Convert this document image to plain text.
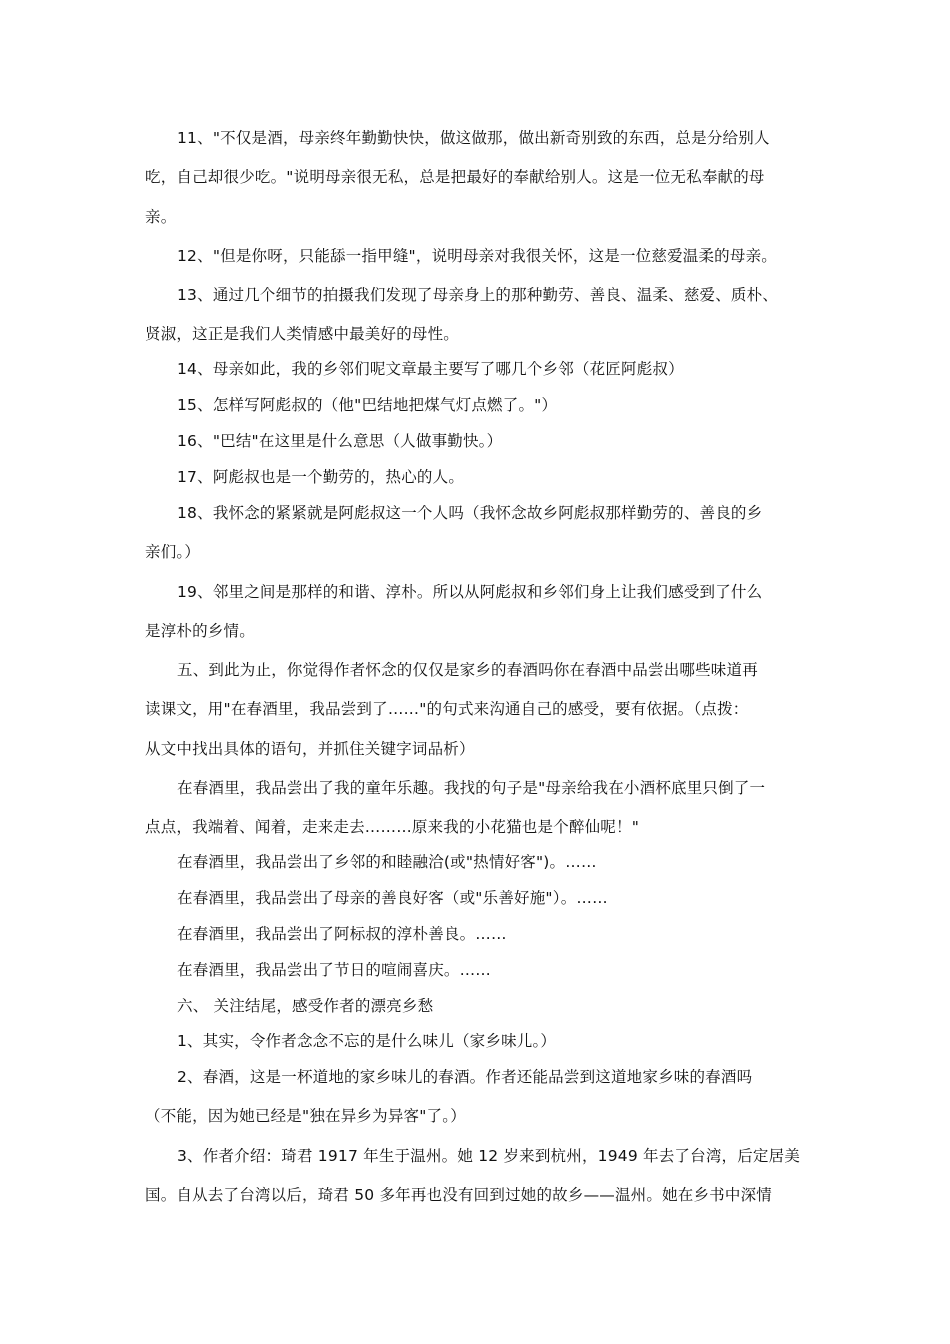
11、"不仅是酒，母亲终年勤勤快快，做这做那，做出新奇别致的东西，总是分给别人
吃，自己却很少吃。"说明母亲很无私，总是把最好的奉献给别人。这是一位无私奉献的母
亲。
12、"但是你呀，只能舔一指甲缝"，说明母亲对我很关怀，这是一位慈爱温柔的母亲。
13、通过几个细节的拍摄我们发现了母亲身上的那种勤劳、善良、温柔、慈爱、质朴、
贤淑，这正是我们人类情感中最美好的母性。
14、母亲如此，我的乡邻们呢文章最主要写了哪几个乡邻（花匠阿彪叔）
15、怎样写阿彪叔的（他"巴结地把煤气灯点燃了。"）
16、"巴结"在这里是什么意思（人做事勤快。）
17、阿彪叔也是一个勤劳的，热心的人。
18、我怀念的紧紧就是阿彪叔这一个人吗（我怀念故乡阿彪叔那样勤劳的、善良的乡
亲们。）
19、邻里之间是那样的和谐、淳朴。所以从阿彪叔和乡邻们身上让我们感受到了什么
是淳朴的乡情。
五、到此为止，你觉得作者怀念的仅仅是家乡的春酒吗你在春酒中品尝出哪些味道再
读课文，用"在春酒里，我品尝到了……"的句式来沟通自己的感受，要有依据。（点拨：
从文中找出具体的语句，并抓住关键字词品析）
在春酒里，我品尝出了我的童年乐趣。我找的句子是"母亲给我在小酒杯底里只倒了一
点点，我端着、闻着，走来走去………原来我的小花猫也是个醉仙呢！"
在春酒里，我品尝出了乡邻的和睦融洽(或"热情好客")。……
在春酒里，我品尝出了母亲的善良好客（或"乐善好施"）。……
在春酒里，我品尝出了阿标叔的淳朴善良。……
在春酒里，我品尝出了节日的喧闹喜庆。……
六、 关注结尾，感受作者的漂亮乡愁
1、其实，令作者念念不忘的是什么味儿（家乡味儿。）
2、春酒，这是一杯道地的家乡味儿的春酒。作者还能品尝到这道地家乡味的春酒吗
（不能，因为她已经是"独在异乡为异客"了。）
3、作者介绍：琦君 1917 年生于温州。她 12 岁来到杭州，1949 年去了台湾，后定居美
国。自从去了台湾以后，琦君 50 多年再也没有回到过她的故乡——温州。她在乡书中深情
